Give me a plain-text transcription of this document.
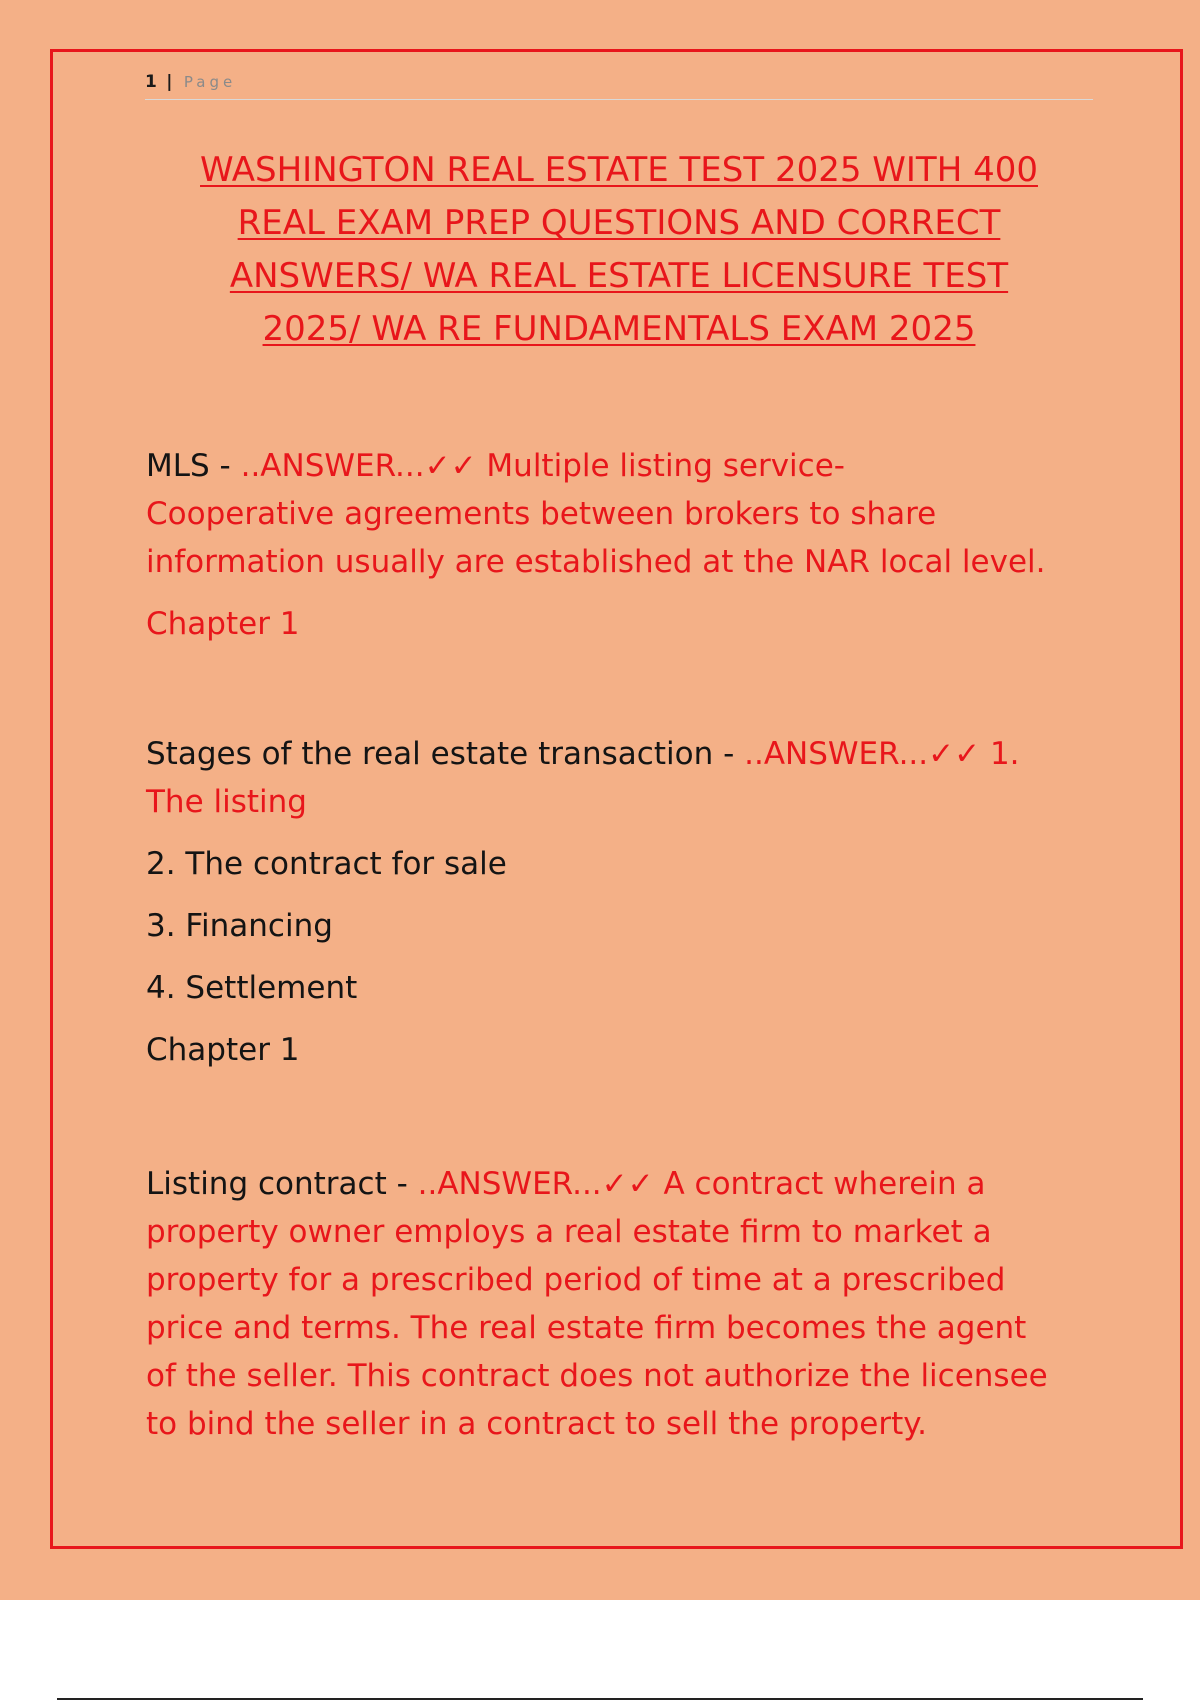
1 | Page
WASHINGTON REAL ESTATE TEST 2025 WITH 400
REAL EXAM PREP QUESTIONS AND CORRECT
ANSWERS/ WA REAL ESTATE LICENSURE TEST
2025/ WA RE FUNDAMENTALS EXAM 2025

MLS - ..ANSWER...✓✓ Multiple listing service-

Cooperative agreements between brokers to share

information usually are established at the NAR local level.

Chapter 1

Stages of the real estate transaction - ..ANSWER...✓✓ 1.

The listing

2. The contract for sale

3. Financing

4. Settlement

Chapter 1

Listing contract - ..ANSWER...✓✓ A contract wherein a

property owner employs a real estate firm to market a

property for a prescribed period of time at a prescribed

price and terms. The real estate firm becomes the agent

of the seller. This contract does not authorize the licensee

to bind the seller in a contract to sell the property.
